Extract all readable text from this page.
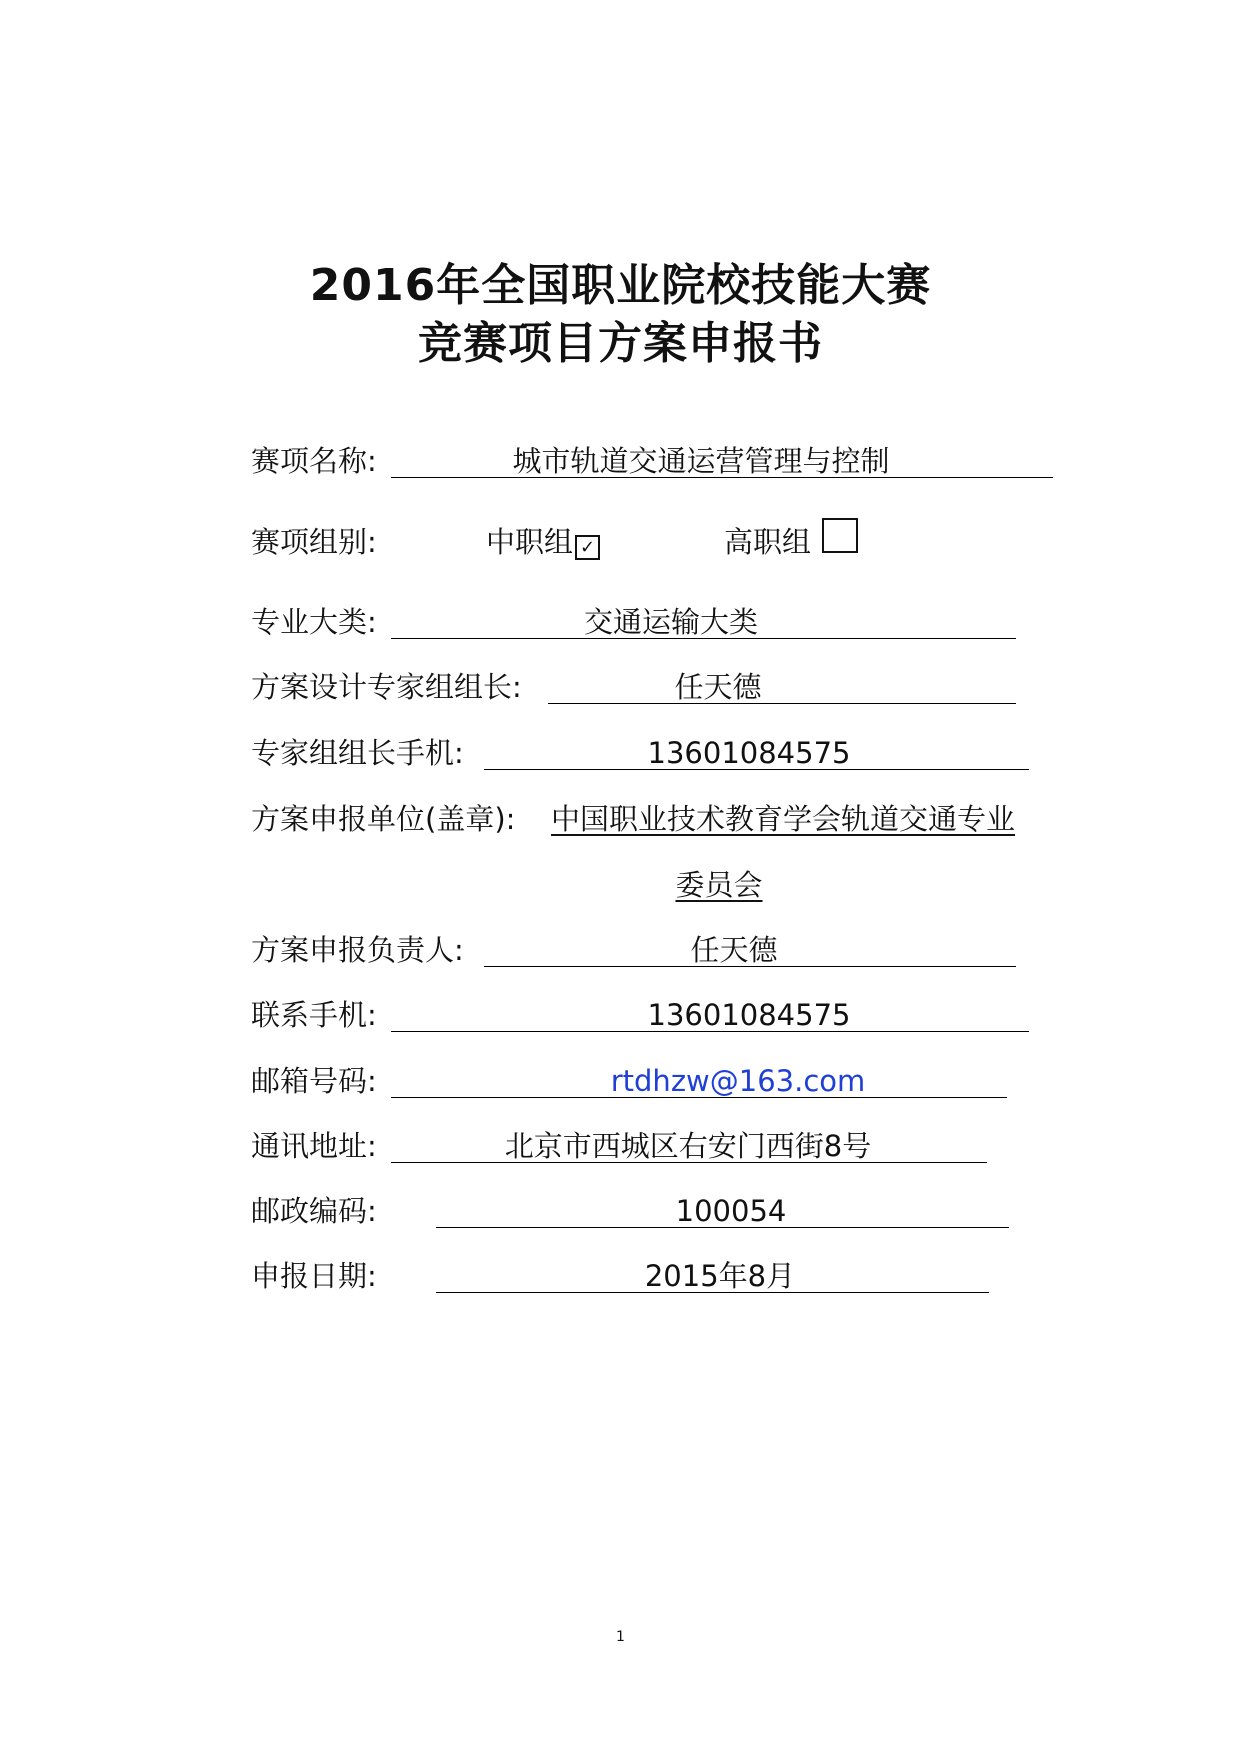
2016年全国职业院校技能大赛
竞赛项目方案申报书
赛项名称:	城市轨道交通运营管理与控制
赛项组别:	中职组 ✓	高职组
专业大类:	交通运输大类
方案设计专家组组长:	任天德
专家组组长手机:	13601084575
方案申报单位(盖章): 中国职业技术教育学会轨道交通专业
委员会
方案申报负责人:	任天德
联系手机:	13601084575
邮箱号码:	rtdhzw@163.com
通讯地址:	北京市西城区右安门西街8号
邮政编码:	100054
申报日期:	2015年8月
1
